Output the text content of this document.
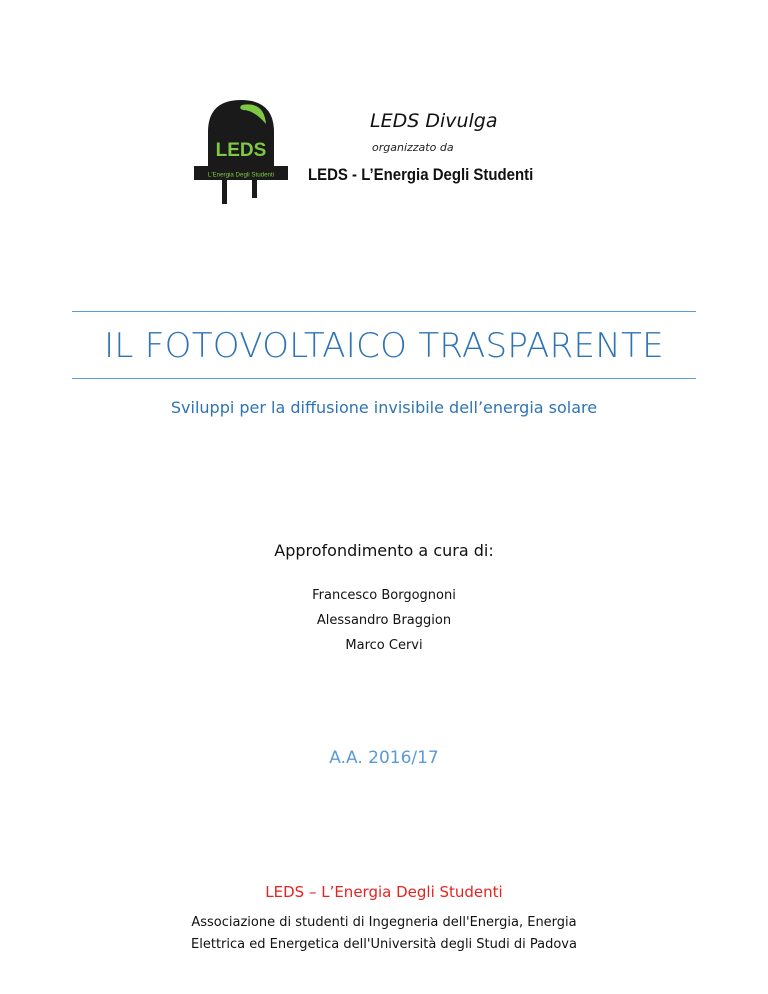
LEDS
L'Energia Degli Studenti
LEDS Divulga
organizzato da
LEDS - L’Energia Degli Studenti
IL FOTOVOLTAICO TRASPARENTE
Sviluppi per la diffusione invisibile dell’energia solare
Approfondimento a cura di:
Francesco Borgognoni
Alessandro Braggion
Marco Cervi
A.A. 2016/17
LEDS – L’Energia Degli Studenti
Associazione di studenti di Ingegneria dell'Energia, Energia
Elettrica ed Energetica dell'Università degli Studi di Padova
